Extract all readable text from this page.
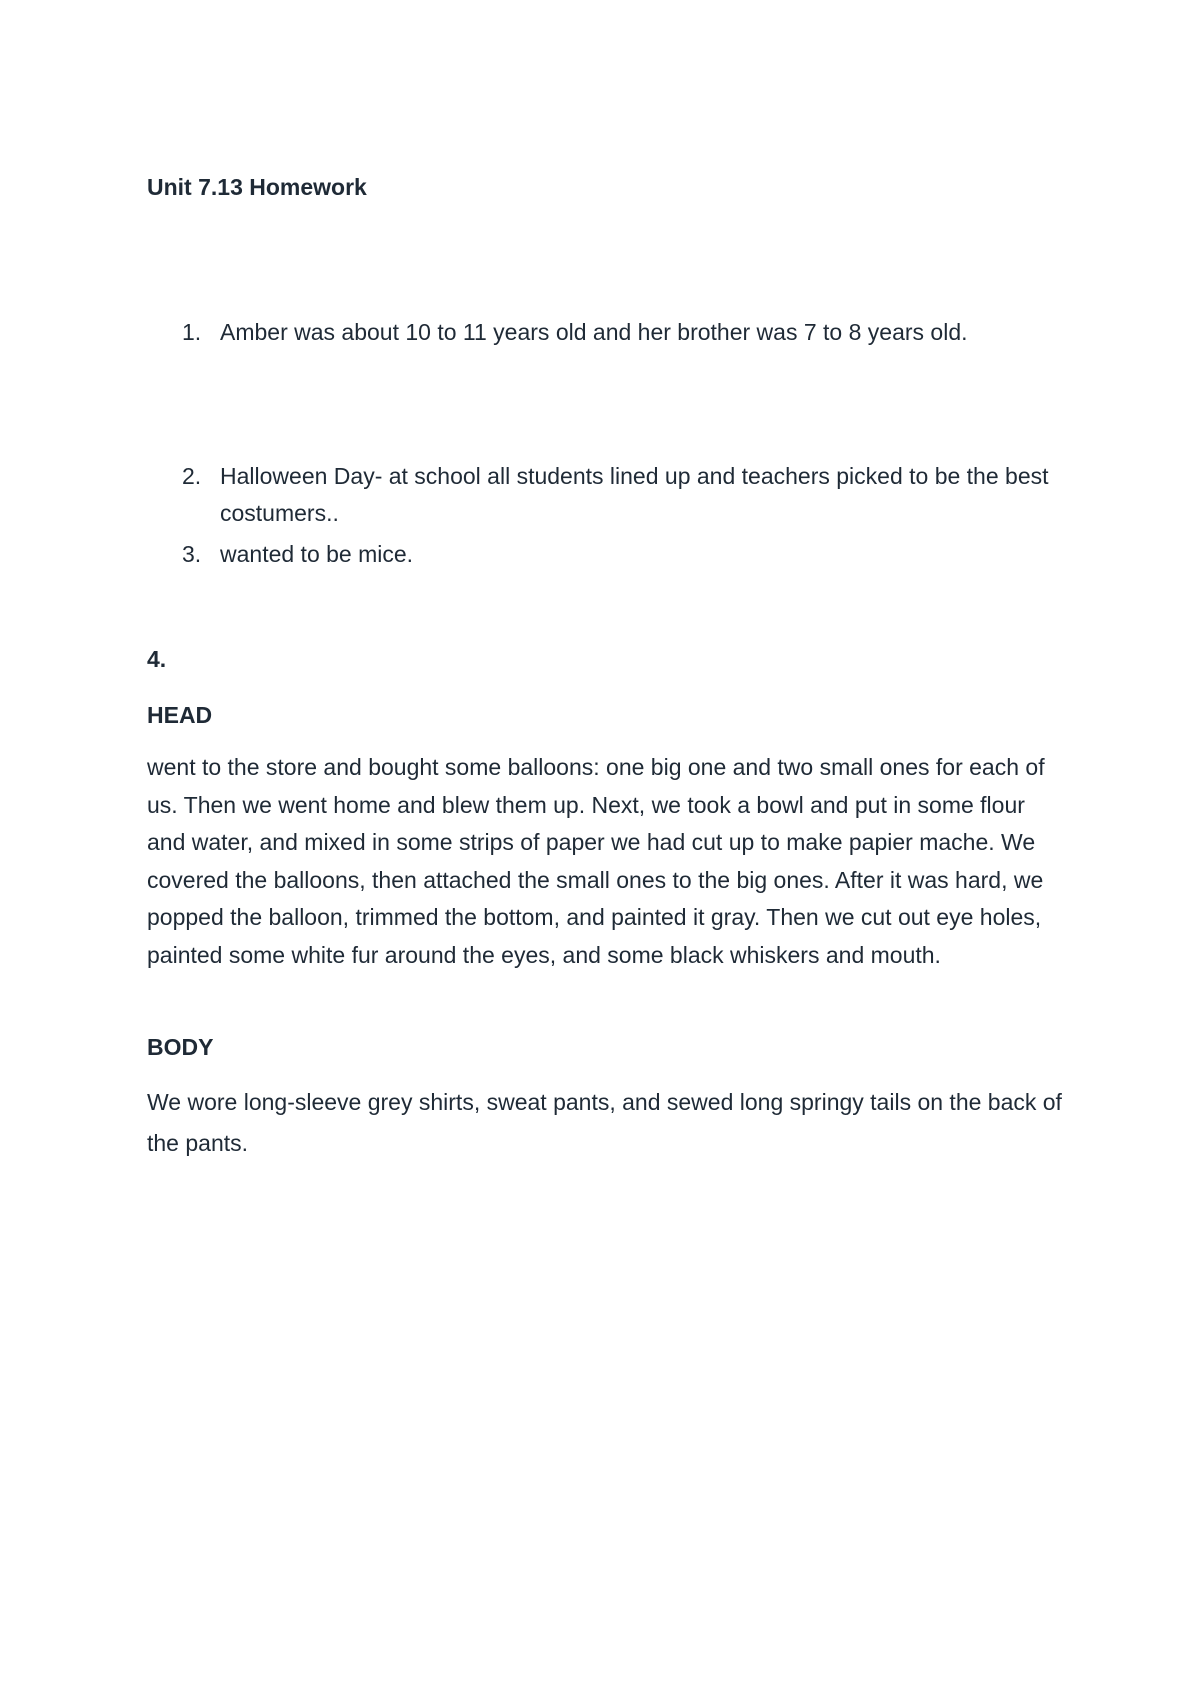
Unit 7.13 Homework
1. Amber was about 10 to 11 years old and her brother was 7 to 8 years old.
2. Halloween Day- at school all students lined up and teachers picked to be the best costumers..
3. wanted to be mice.
4.
HEAD
went to the store and bought some balloons: one big one and two small ones for each of us. Then we went home and blew them up. Next, we took a bowl and put in some flour and water, and mixed in some strips of paper we had cut up to make papier mache. We covered the balloons, then attached the small ones to the big ones. After it was hard, we popped the balloon, trimmed the bottom, and painted it gray. Then we cut out eye holes, painted some white fur around the eyes, and some black whiskers and mouth.
BODY
We wore long-sleeve grey shirts, sweat pants, and sewed long springy tails on the back of the pants.
